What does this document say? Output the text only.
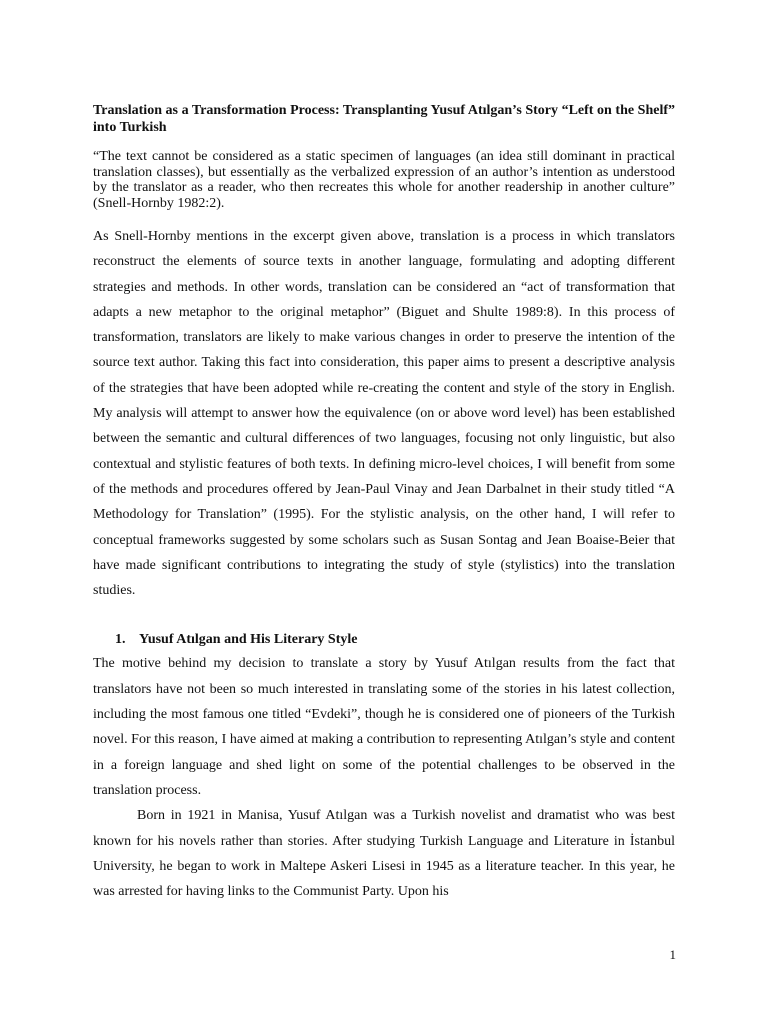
Translation as a Transformation Process: Transplanting Yusuf Atılgan’s Story “Left on the Shelf” into Turkish

“The text cannot be considered as a static specimen of languages (an idea still dominant in practical translation classes), but essentially as the verbalized expression of an author’s intention as understood by the translator as a reader, who then recreates this whole for another readership in another culture” (Snell-Hornby 1982:2).

As Snell-Hornby mentions in the excerpt given above, translation is a process in which translators reconstruct the elements of source texts in another language, formulating and adopting different strategies and methods. In other words, translation can be considered an “act of transformation that adapts a new metaphor to the original metaphor” (Biguet and Shulte 1989:8). In this process of transformation, translators are likely to make various changes in order to preserve the intention of the source text author. Taking this fact into consideration, this paper aims to present a descriptive analysis of the strategies that have been adopted while re-creating the content and style of the story in English. My analysis will attempt to answer how the equivalence (on or above word level) has been established between the semantic and cultural differences of two languages, focusing not only linguistic, but also contextual and stylistic features of both texts. In defining micro-level choices, I will benefit from some of the methods and procedures offered by Jean-Paul Vinay and Jean Darbalnet in their study titled “A Methodology for Translation” (1995). For the stylistic analysis, on the other hand, I will refer to conceptual frameworks suggested by some scholars such as Susan Sontag and Jean Boaise-Beier that have made significant contributions to integrating the study of style (stylistics) into the translation studies.

1. Yusuf Atılgan and His Literary Style

The motive behind my decision to translate a story by Yusuf Atılgan results from the fact that translators have not been so much interested in translating some of the stories in his latest collection, including the most famous one titled “Evdeki”, though he is considered one of pioneers of the Turkish novel. For this reason, I have aimed at making a contribution to representing Atılgan’s style and content in a foreign language and shed light on some of the potential challenges to be observed in the translation process.

Born in 1921 in Manisa, Yusuf Atılgan was a Turkish novelist and dramatist who was best known for his novels rather than stories. After studying Turkish Language and Literature in İstanbul University, he began to work in Maltepe Askeri Lisesi in 1945 as a literature teacher. In this year, he was arrested for having links to the Communist Party. Upon his

1
